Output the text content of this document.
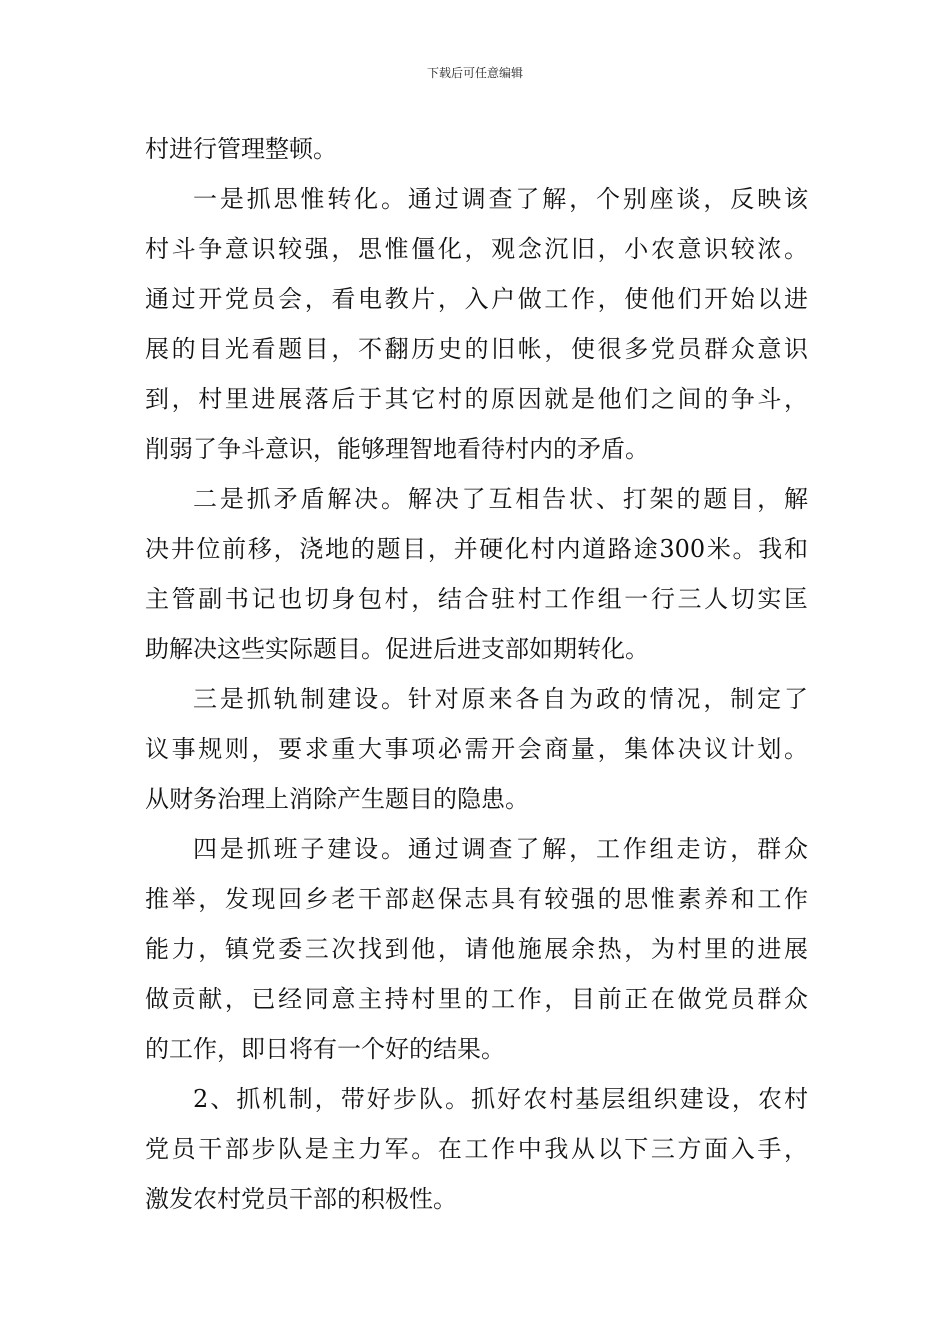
下载后可任意编辑
村进行管理整顿。
一是抓思惟转化。通过调查了解，个别座谈，反映该
村斗争意识较强，思惟僵化，观念沉旧，小农意识较浓。
通过开党员会，看电教片，入户做工作，使他们开始以进
展的目光看题目，不翻历史的旧帐，使很多党员群众意识
到，村里进展落后于其它村的原因就是他们之间的争斗，
削弱了争斗意识，能够理智地看待村内的矛盾。
二是抓矛盾解决。解决了互相告状、打架的题目，解
决井位前移，浇地的题目，并硬化村内道路途300米。我和
主管副书记也切身包村，结合驻村工作组一行三人切实匡
助解决这些实际题目。促进后进支部如期转化。
三是抓轨制建设。针对原来各自为政的情况，制定了
议事规则，要求重大事项必需开会商量，集体决议计划。
从财务治理上消除产生题目的隐患。
四是抓班子建设。通过调查了解，工作组走访，群众
推举，发现回乡老干部赵保志具有较强的思惟素养和工作
能力，镇党委三次找到他，请他施展余热，为村里的进展
做贡献，已经同意主持村里的工作，目前正在做党员群众
的工作，即日将有一个好的结果。
2、抓机制，带好步队。抓好农村基层组织建设，农村
党员干部步队是主力军。在工作中我从以下三方面入手，
激发农村党员干部的积极性。
